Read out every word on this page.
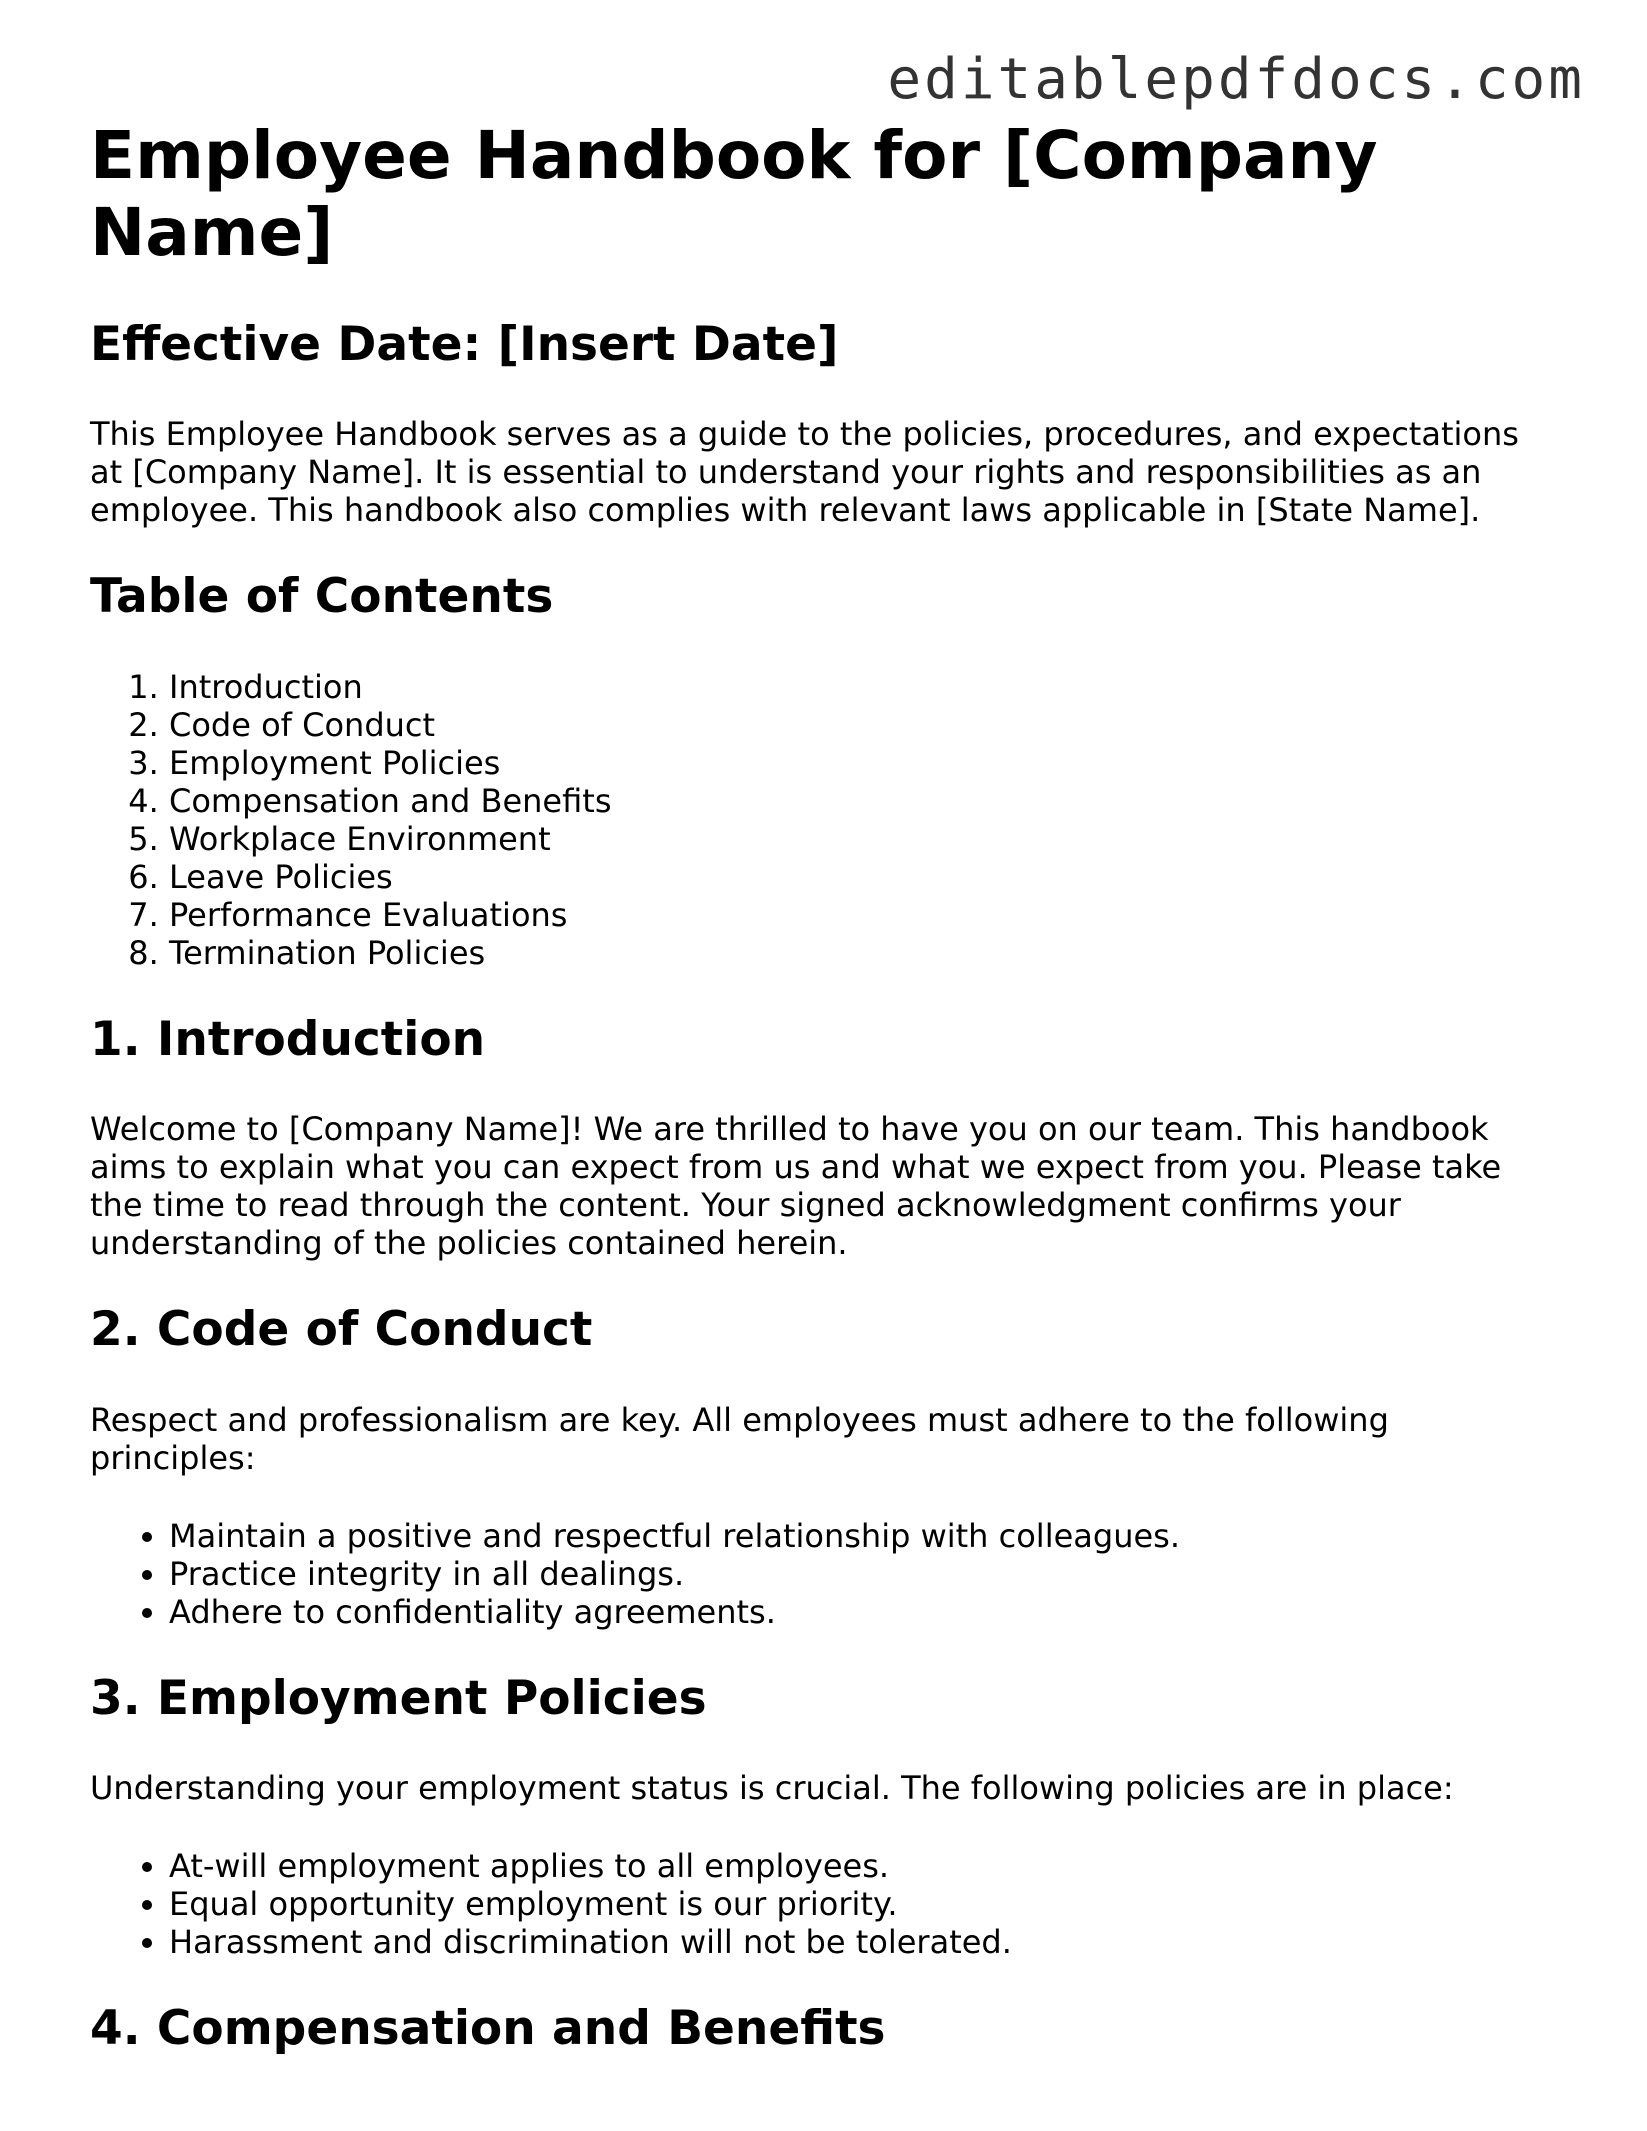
editablepdfdocs.com
Employee Handbook for [Company Name]
Effective Date: [Insert Date]

This Employee Handbook serves as a guide to the policies, procedures, and expectations at [Company Name]. It is essential to understand your rights and responsibilities as an employee. This handbook also complies with relevant laws applicable in [State Name].

Table of Contents
1. Introduction
2. Code of Conduct
3. Employment Policies
4. Compensation and Benefits
5. Workplace Environment
6. Leave Policies
7. Performance Evaluations
8. Termination Policies
1. Introduction

Welcome to [Company Name]! We are thrilled to have you on our team. This handbook aims to explain what you can expect from us and what we expect from you. Please take the time to read through the content. Your signed acknowledgment confirms your understanding of the policies contained herein.

2. Code of Conduct

Respect and professionalism are key. All employees must adhere to the following principles:

• Maintain a positive and respectful relationship with colleagues.
• Practice integrity in all dealings.
• Adhere to confidentiality agreements.
3. Employment Policies

Understanding your employment status is crucial. The following policies are in place:

• At-will employment applies to all employees.
• Equal opportunity employment is our priority.
• Harassment and discrimination will not be tolerated.
4. Compensation and Benefits
